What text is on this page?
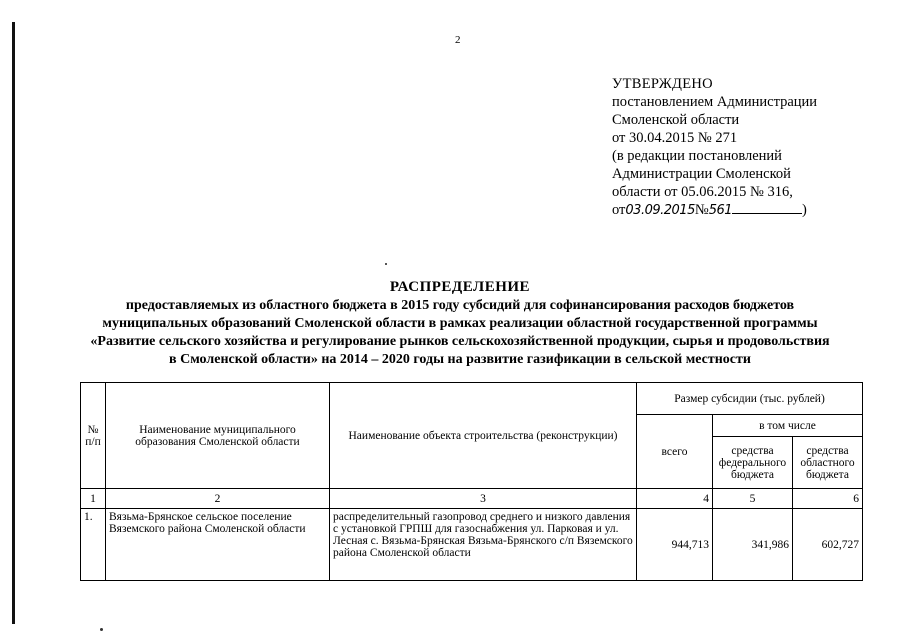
2
УТВЕРЖДЕНО
постановлением Администрации
Смоленской области
от 30.04.2015 № 271
(в редакции постановлений
Администрации Смоленской
области от 05.06.2015 № 316,
от03.09.2015№561	)
РАСПРЕДЕЛЕНИЕ
предоставляемых из областного бюджета в 2015 году субсидий для софинансирования расходов бюджетов
муниципальных образований Смоленской области в рамках реализации областной государственной программы
«Развитие сельского хозяйства и регулирование рынков сельскохозяйственной продукции, сырья и продовольствия
в Смоленской области» на 2014 – 2020 годы на развитие газификации в сельской местности
№ п/п	Наименование муниципального образования Смоленской области	Наименование объекта строительства (реконструкции)	Размер субсидии (тыс. рублей)		
			всего	в том числе	
				средства федерального бюджета	средства областного бюджета
1	2	3	4	5	6
1.	Вязьма-Брянское сельское поселение Вяземского района Смоленской области	распределительный газопровод среднего и низкого давления с установкой ГРПШ для газоснабжения ул. Парковая и ул. Лесная с. Вязьма-Брянская Вязьма-Брянского с/п Вяземского района Смоленской области	944,713	341,986	602,727
